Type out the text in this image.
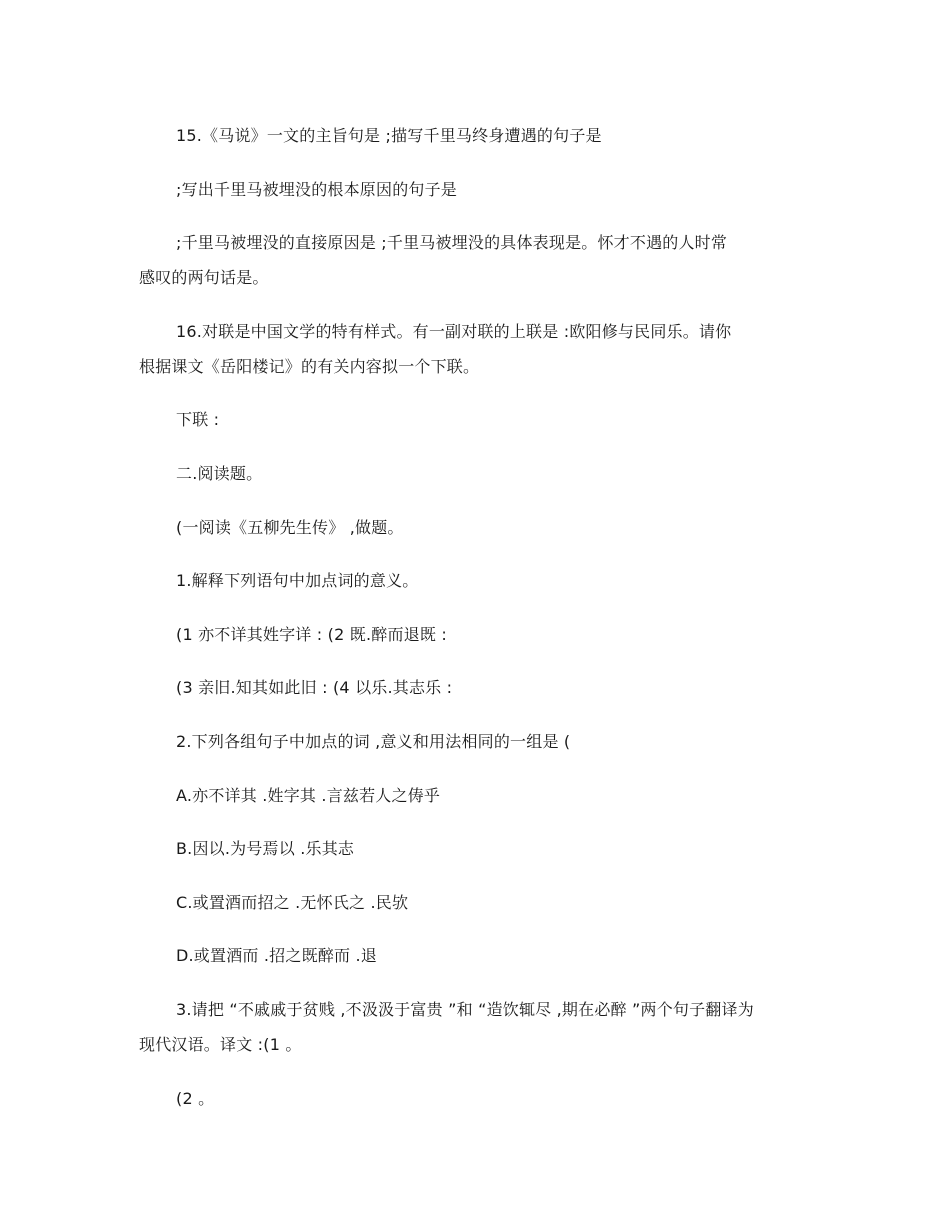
15.《马说》一文的主旨句是 ;描写千里马终身遭遇的句子是
;写出千里马被埋没的根本原因的句子是
;千里马被埋没的直接原因是 ;千里马被埋没的具体表现是。怀才不遇的人时常
感叹的两句话是。
16.对联是中国文学的特有样式。有一副对联的上联是 :欧阳修与民同乐。请你
根据课文《岳阳楼记》的有关内容拟一个下联。
下联 :
二.阅读题。
(一阅读《五柳先生传》 ,做题。
1.解释下列语句中加点词的意义。
(1 亦不详其姓字详 : (2 既.醉而退既 :
(3 亲旧.知其如此旧 : (4 以乐.其志乐 :
2.下列各组句子中加点的词 ,意义和用法相同的一组是 (
A.亦不详其 .姓字其 .言兹若人之俦乎
B.因以.为号焉以 .乐其志
C.或置酒而招之 .无怀氏之 .民欤
D.或置酒而 .招之既醉而 .退
3.请把 “不戚戚于贫贱 ,不汲汲于富贵 ”和 “造饮辄尽 ,期在必醉 ”两个句子翻译为
现代汉语。译文 :(1 。
(2 。
